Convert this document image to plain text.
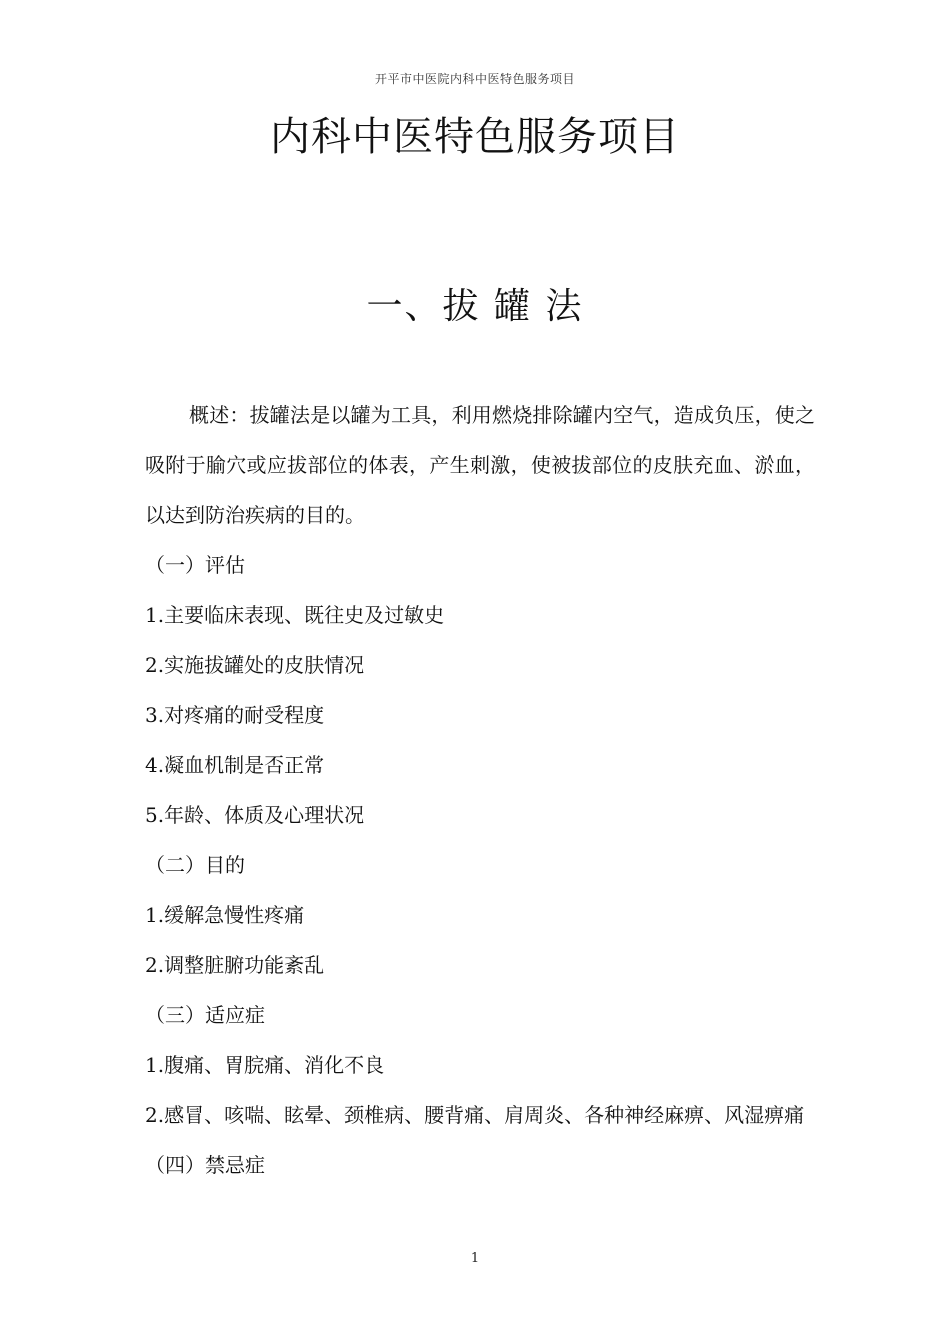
开平市中医院内科中医特色服务项目
内科中医特色服务项目
一、拔 罐 法

概述：拔罐法是以罐为工具，利用燃烧排除罐内空气，造成负压，使之吸附于腧穴或应拔部位的体表，产生刺激，使被拔部位的皮肤充血、淤血，以达到防治疾病的目的。

（一）评估

1.主要临床表现、既往史及过敏史

2.实施拔罐处的皮肤情况

3.对疼痛的耐受程度

4.凝血机制是否正常

5.年龄、体质及心理状况

（二）目的

1.缓解急慢性疼痛

2.调整脏腑功能紊乱

（三）适应症

1.腹痛、胃脘痛、消化不良

2.感冒、咳喘、眩晕、颈椎病、腰背痛、肩周炎、各种神经麻痹、风湿痹痛

（四）禁忌症

1
